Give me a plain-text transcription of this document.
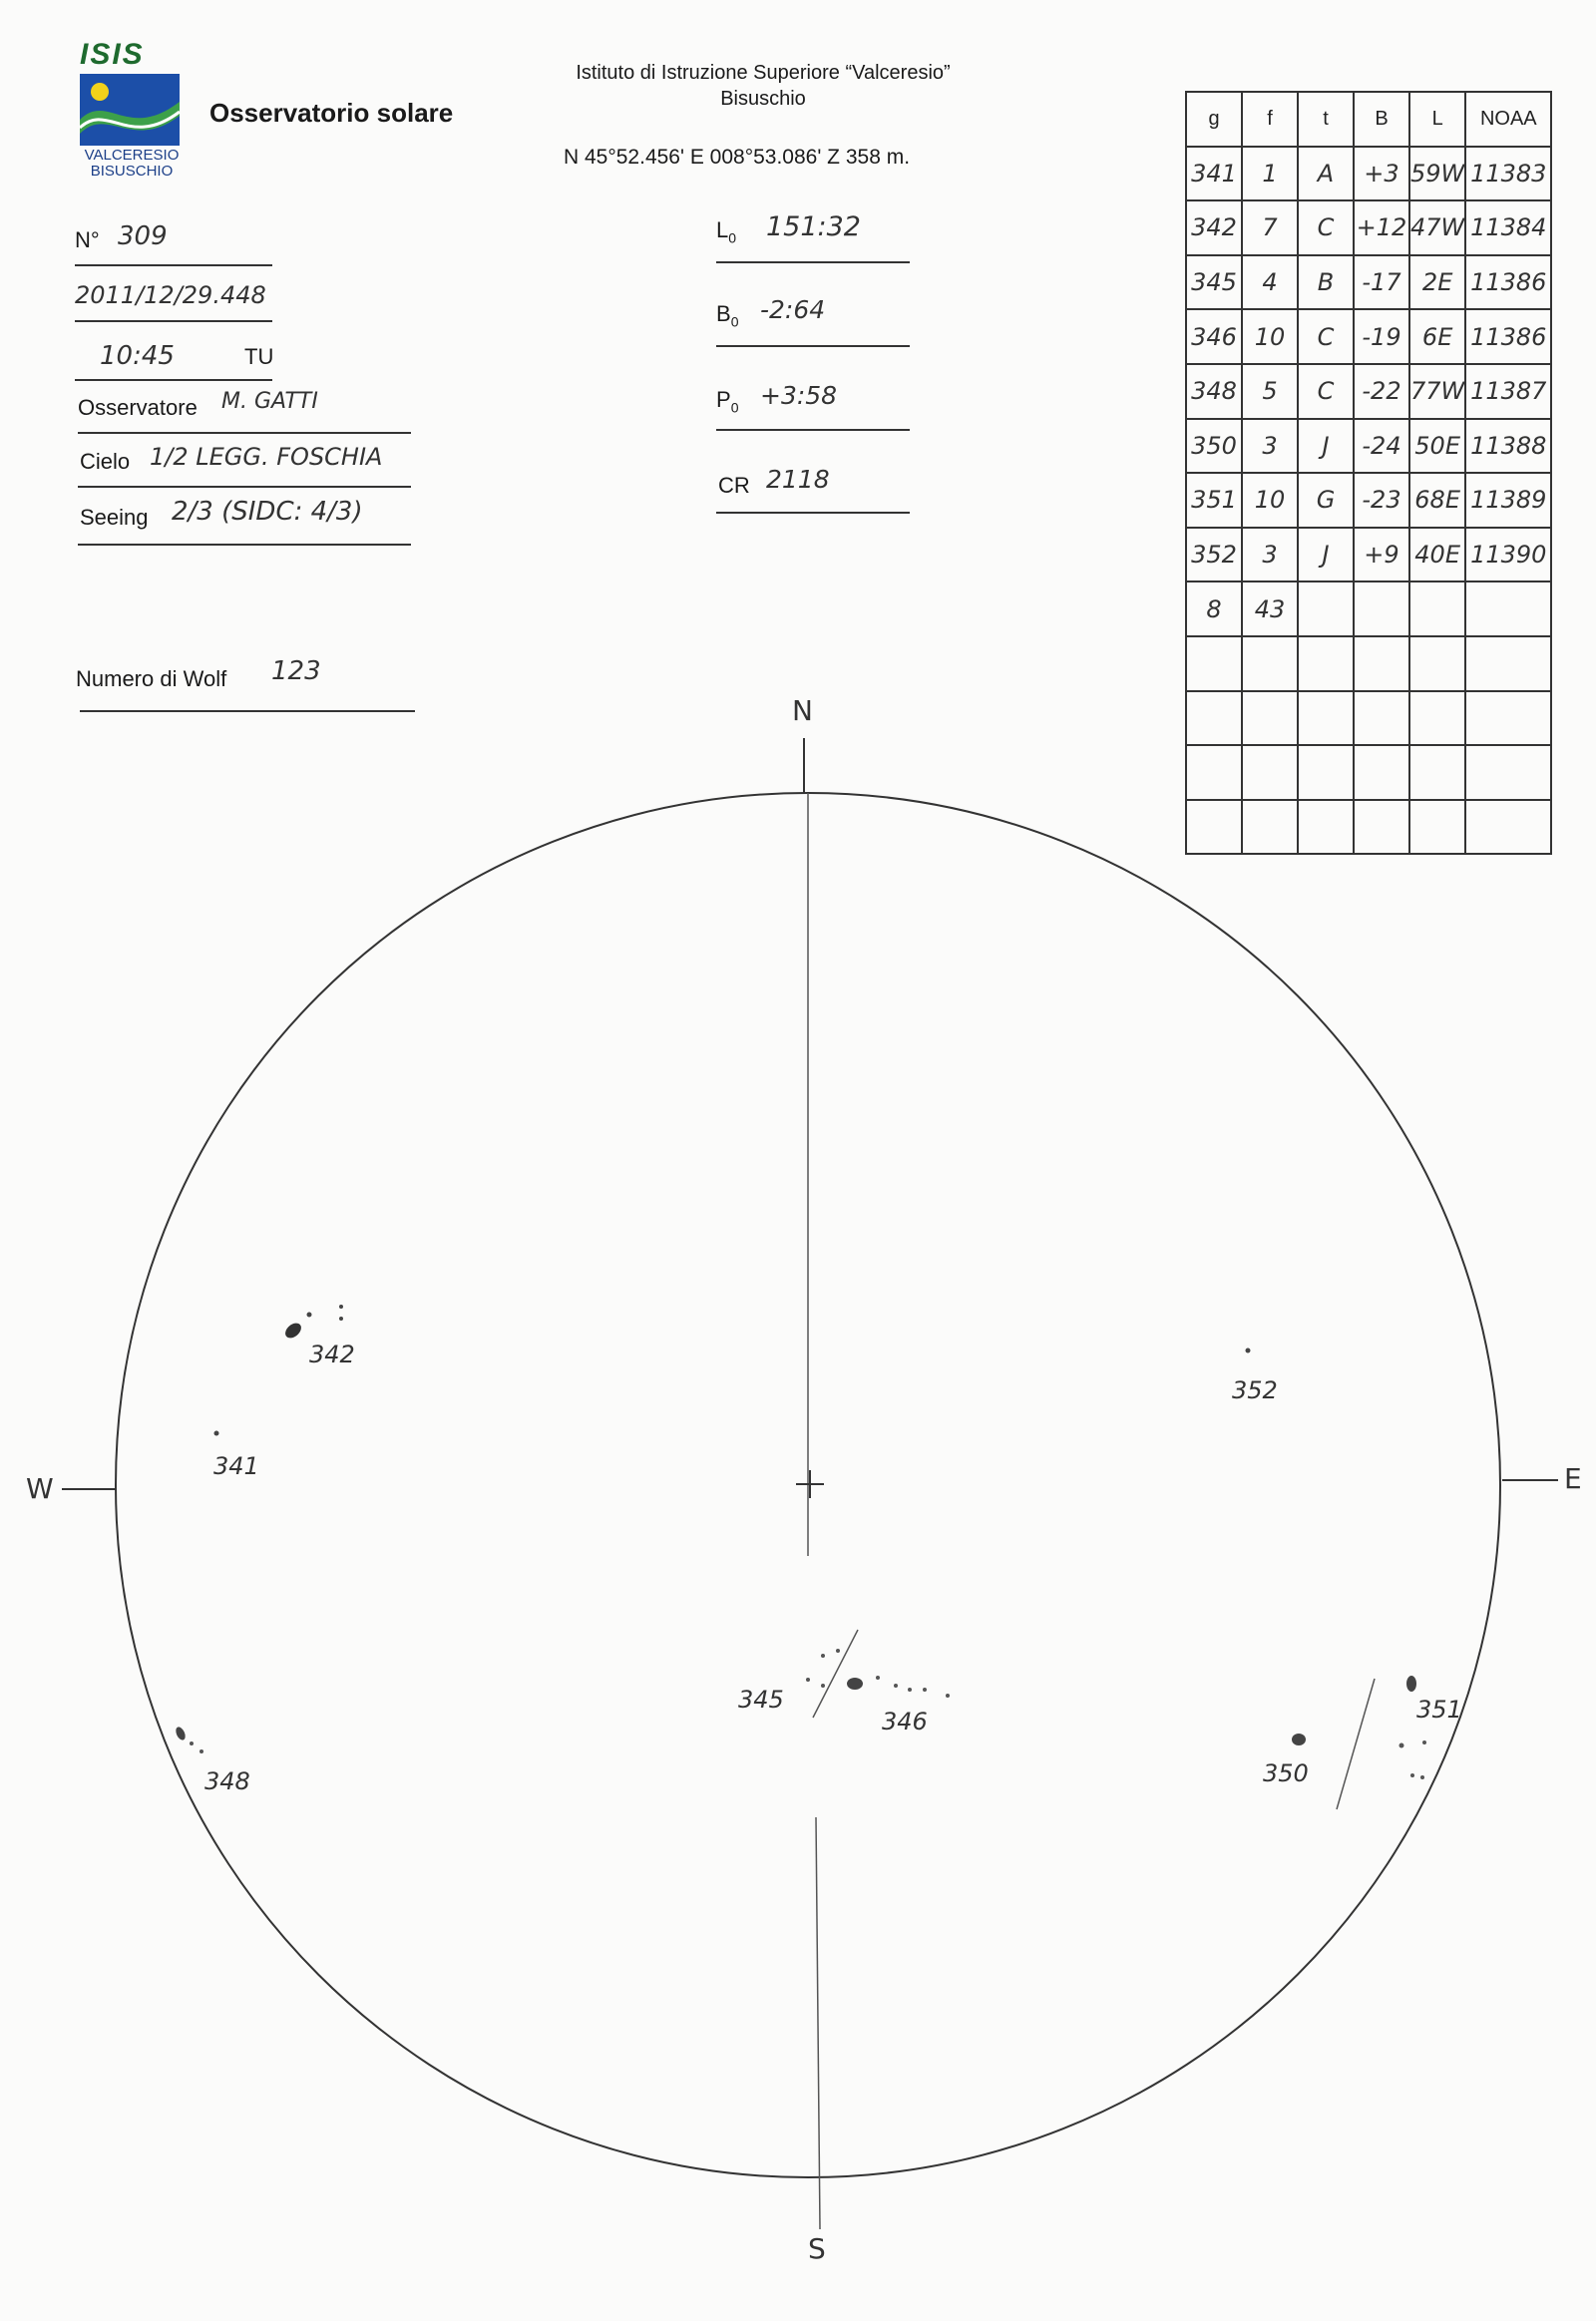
ISIS
VALCERESIO
BISUSCHIO
Osservatorio solare
Istituto di Istruzione Superiore “Valceresio”
Bisuschio
N 45°52.456' E 008°53.086' Z 358 m.
N° 309
2011/12/29.448
10:45	TU
Osservatore M. GATTI
Cielo 1/2 LEGG. FOSCHIA
Seeing 2/3 (SIDC: 4/3)
Numero di Wolf 123
$L_0$ 151:32
$B_0$ -2:64
$P_0$ +3:58
CR 2118
g	f	t	B	L	NOAA
341	1	A	+3	59W	11383
342	7	C	+12	47W	11384
345	4	B	-17	2E	11386
346	10	C	-19	6E	11386
348	5	C	-22	77W	11387
350	3	J	-24	50E	11388
351	10	G	-23	68E	11389
352	3	J	+9	40E	11390
8	43				

N
S
E
W
342
341
352
345
346
348	350
351
